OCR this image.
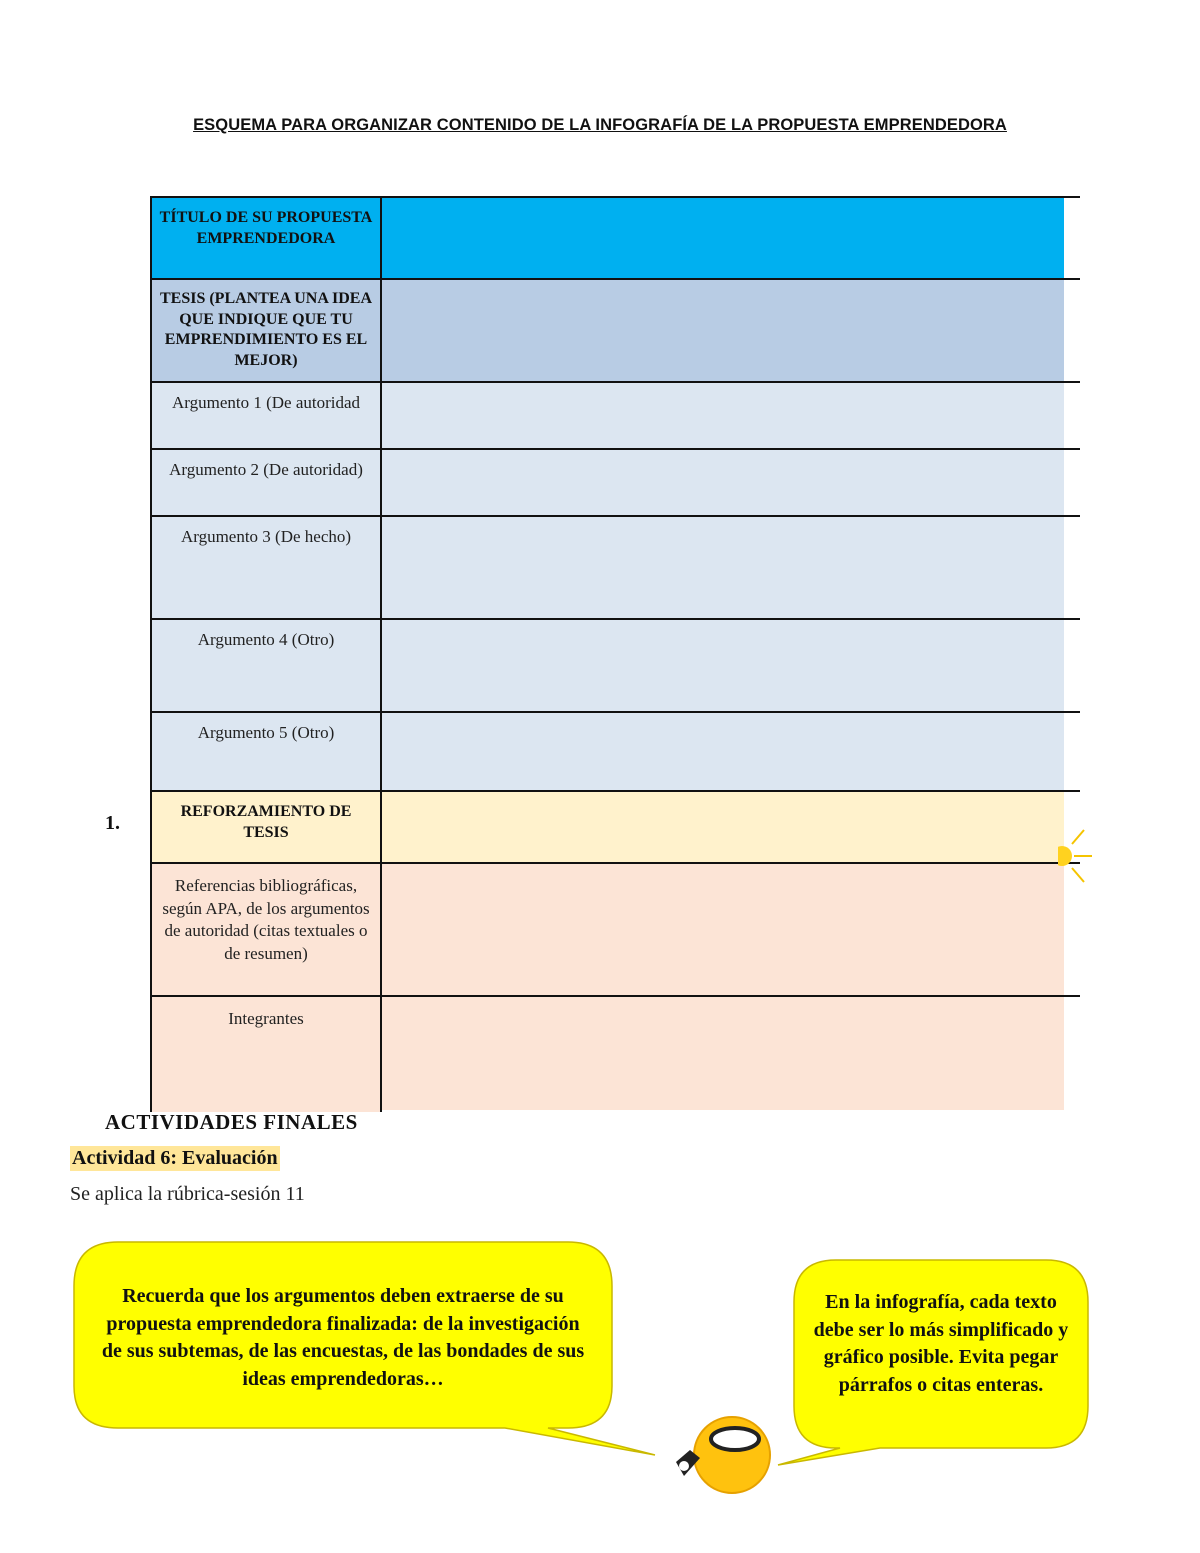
ESQUEMA PARA ORGANIZAR CONTENIDO DE LA INFOGRAFÍA DE LA PROPUESTA EMPRENDEDORA
TÍTULO DE SU PROPUESTA EMPRENDEDORA
TESIS (PLANTEA UNA IDEA QUE INDIQUE QUE TU EMPRENDIMIENTO ES EL MEJOR)
Argumento 1 (De autoridad
Argumento 2 (De autoridad)
Argumento 3 (De hecho)
Argumento 4 (Otro)
Argumento 5 (Otro)
REFORZAMIENTO DE TESIS
Referencias bibliográficas, según APA, de los argumentos de autoridad (citas textuales o de resumen)
Integrantes
1.
ACTIVIDADES FINALES
Actividad 6: Evaluación
Se aplica la rúbrica-sesión 11
Recuerda que los argumentos deben extraerse de su propuesta emprendedora finalizada: de la investigación de sus subtemas, de las encuestas, de las bondades de sus ideas emprendedoras…
En la infografía, cada texto debe ser lo más simplificado y gráfico posible. Evita pegar párrafos o citas enteras.
